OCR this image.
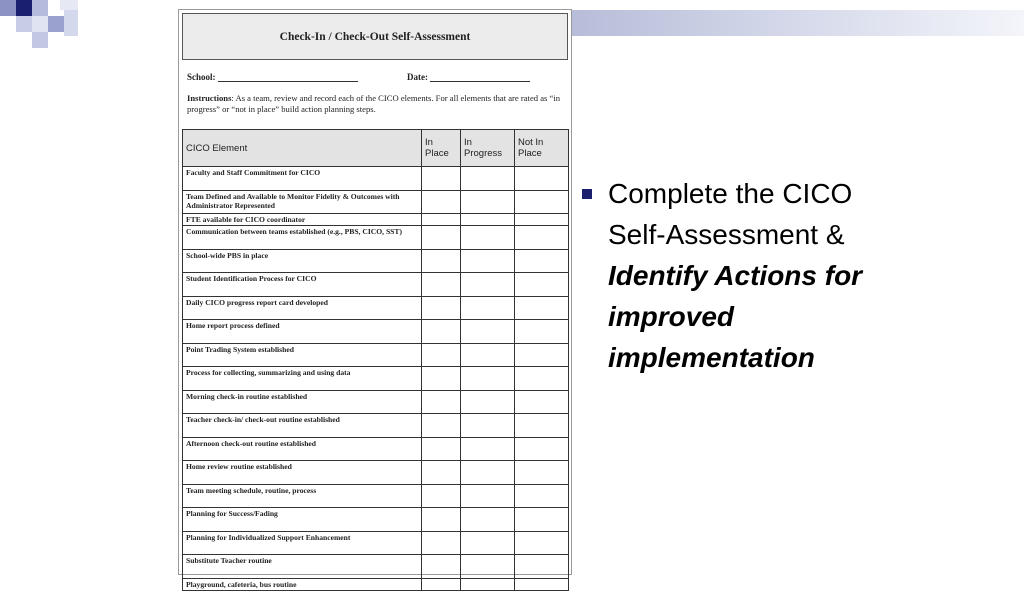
Check-In / Check-Out Self-Assessment
School:	Date:
Instructions: As a team, review and record each of the CICO elements. For all elements that are rated as “in progress” or “not in place” build action planning steps.
CICO Element	In Place	In Progress	Not In Place
Faculty and Staff Commitment for CICO			
Team Defined and Available to Monitor Fidelity & Outcomes with Administrator Represented			
FTE available for CICO coordinator			
Communication between teams established (e.g., PBS, CICO, SST)			
School-wide PBS in place			
Student Identification Process for CICO			
Daily CICO progress report card developed			
Home report process defined			
Point Trading System established			
Process for collecting, summarizing and using data			
Morning check-in routine established			
Teacher check-in/ check-out routine established			
Afternoon check-out routine established			
Home review routine established			
Team meeting schedule, routine, process			
Planning for Success/Fading			
Planning for Individualized Support Enhancement			
Substitute Teacher routine			
Playground, cafeteria, bus routine			
Complete the CICO Self-Assessment & Identify Actions for improved implementation
